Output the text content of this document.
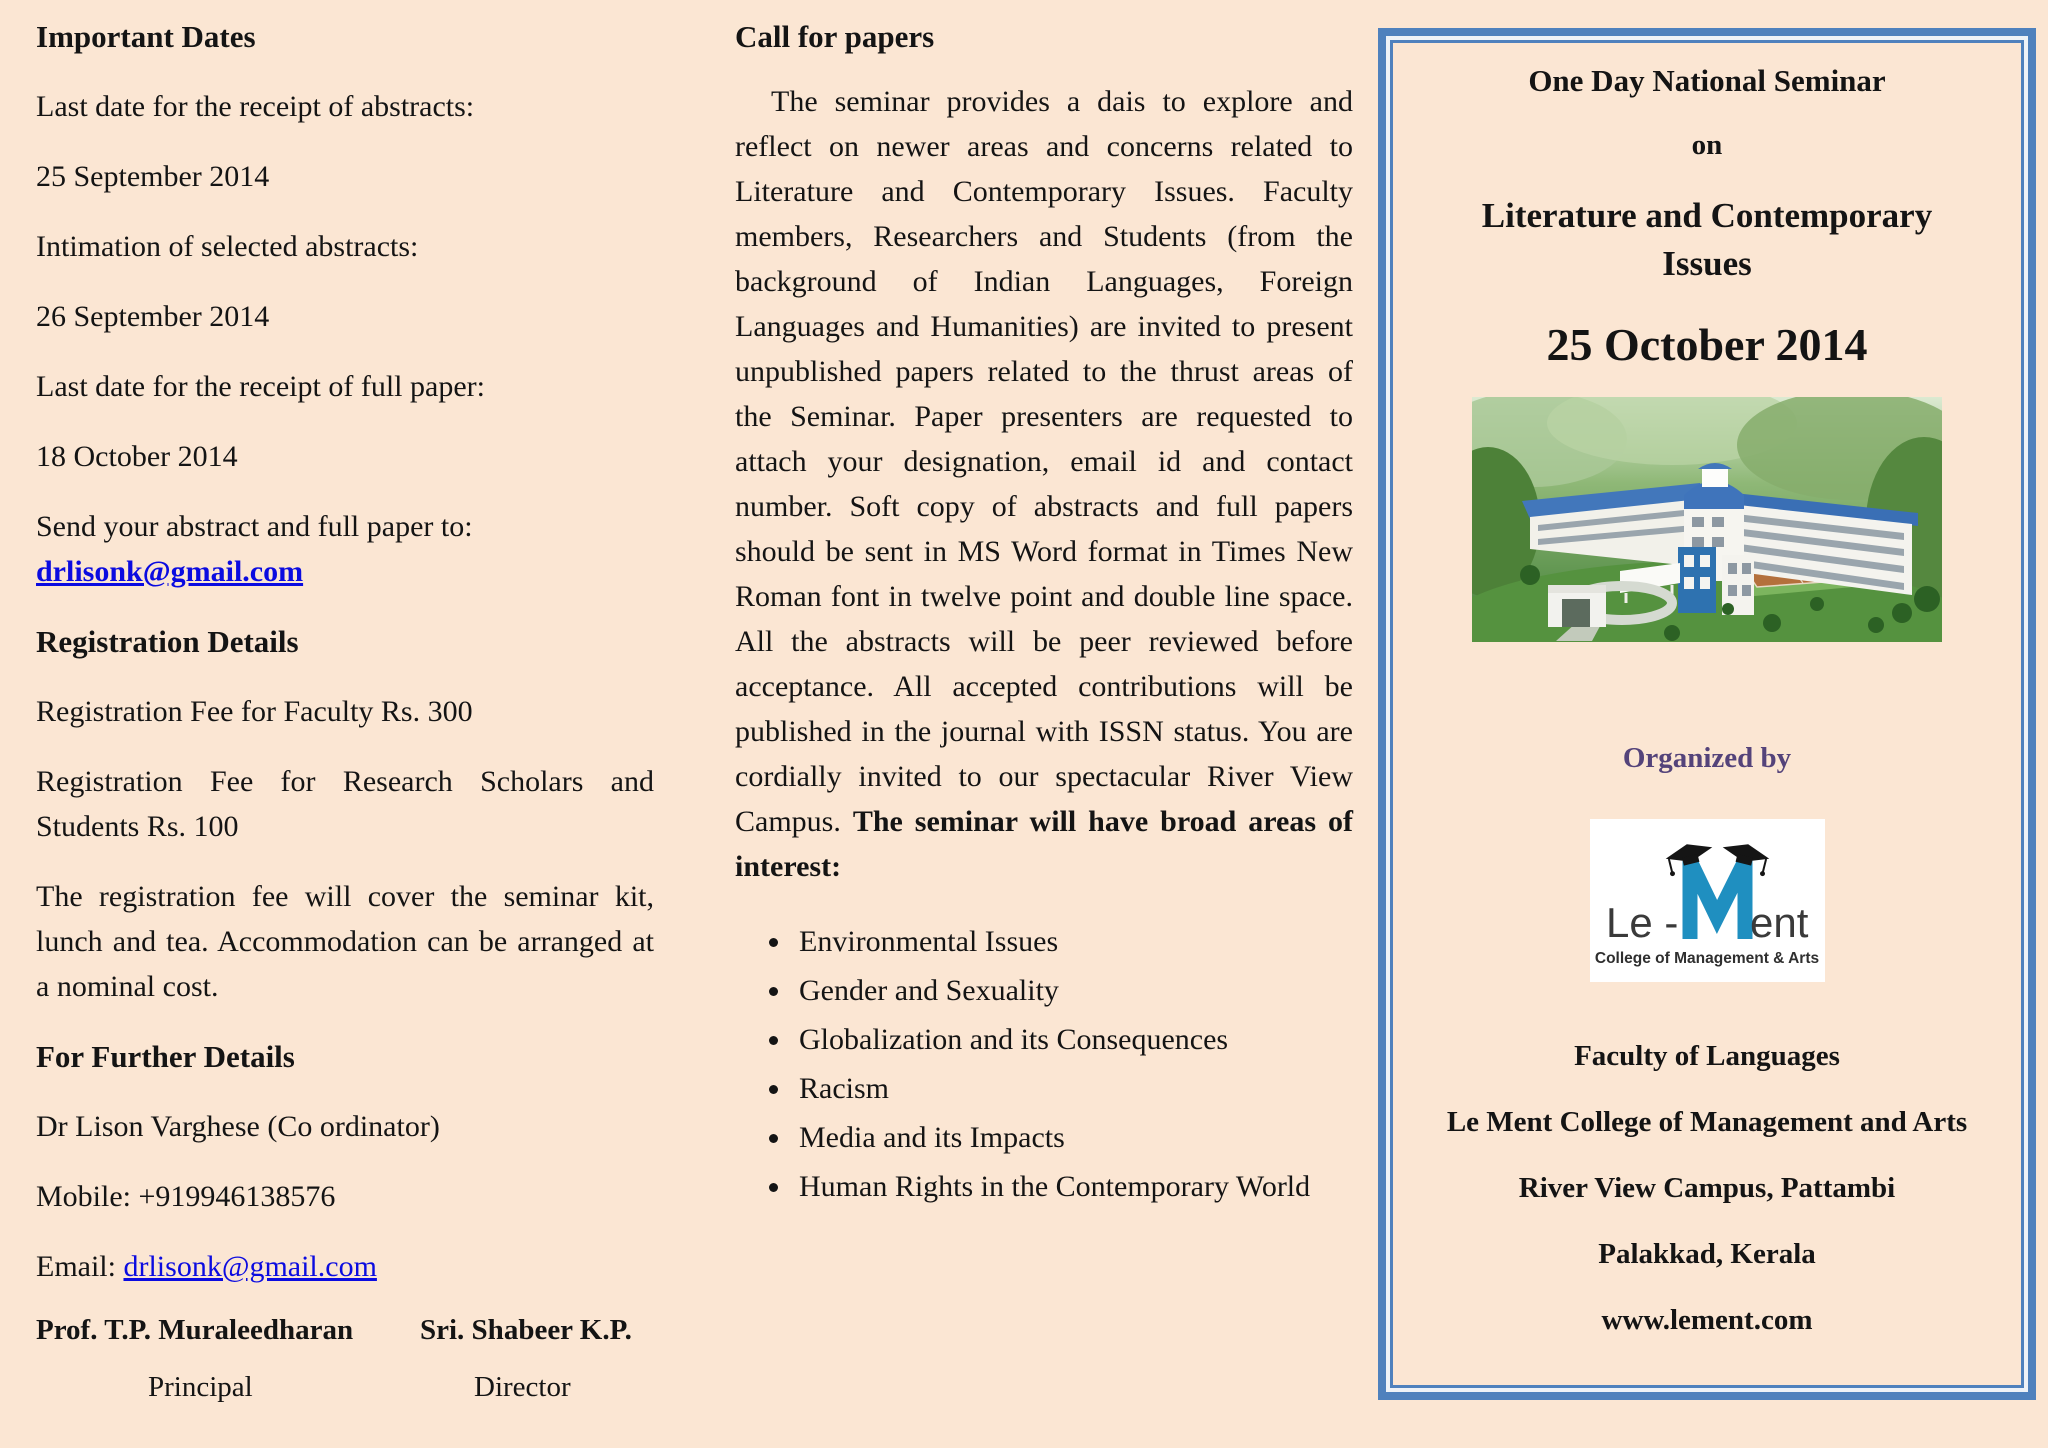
Important Dates

Last date for the receipt of abstracts:

25 September 2014

Intimation of selected abstracts:

26 September 2014

Last date for the receipt of full paper:

18 October 2014

Send your abstract and full paper to:
drlisonk@gmail.com

Registration Details

Registration Fee for Faculty Rs. 300

Registration Fee for Research Scholars and Students Rs. 100

The registration fee will cover the seminar kit, lunch and tea. Accommodation can be arranged at a nominal cost.

For Further Details

Dr Lison Varghese (Co ordinator)

Mobile: +919946138576

Email: drlisonk@gmail.com

Prof. T.P. Muraleedharan Sri. Shabeer K.P.
Principal	Director
Call for papers

The seminar provides a dais to explore and reflect on newer areas and concerns related to Literature and Contemporary Issues. Faculty members, Researchers and Students (from the background of Indian Languages, Foreign Languages and Humanities) are invited to present unpublished papers related to the thrust areas of the Seminar. Paper presenters are requested to attach your designation, email id and contact number. Soft copy of abstracts and full papers should be sent in MS Word format in Times New Roman font in twelve point and double line space. All the abstracts will be peer reviewed before acceptance. All accepted contributions will be published in the journal with ISSN status. You are cordially invited to our spectacular River View Campus. The seminar will have broad areas of interest:

• Environmental Issues
• Gender and Sexuality
• Globalization and its Consequences
• Racism
• Media and its Impacts
• Human Rights in the Contemporary World
One Day National Seminar
on
Literature and Contemporary Issues
25 October 2014
Organized by
Le - ent
College of Management & Arts
Faculty of Languages
Le Ment College of Management and Arts
River View Campus, Pattambi
Palakkad, Kerala
www.lement.com
